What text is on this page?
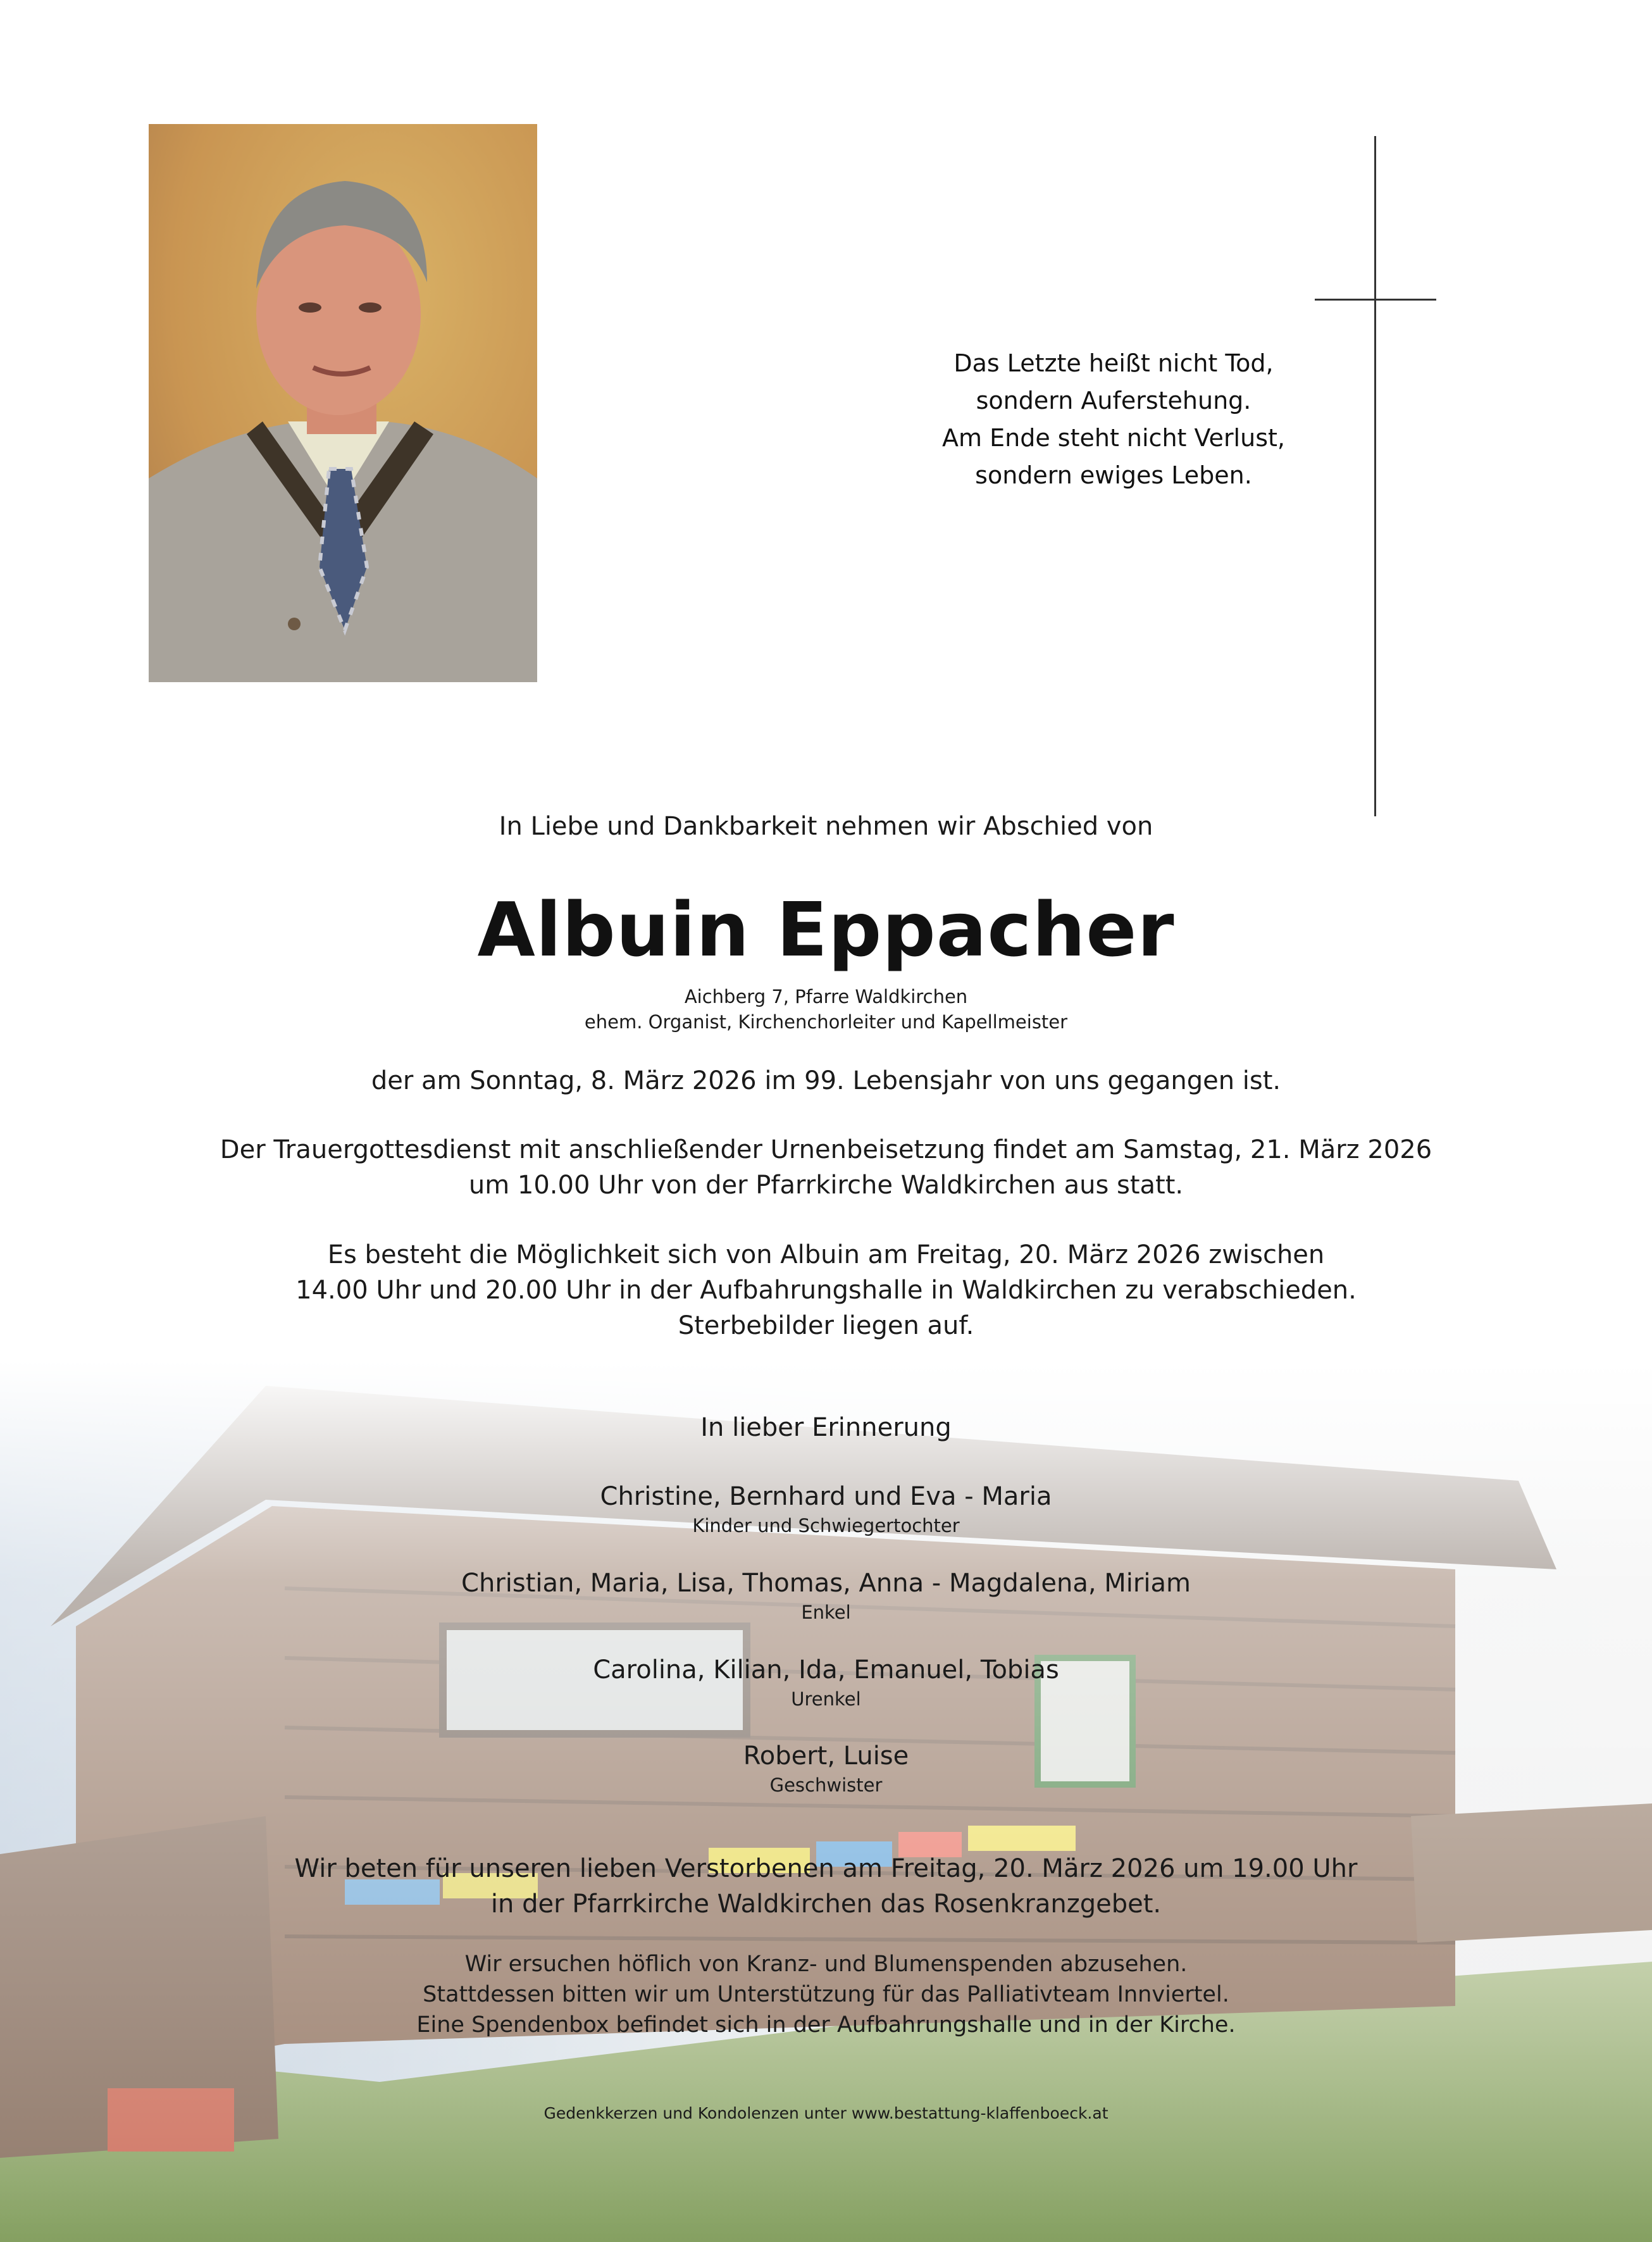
Das Letzte heißt nicht Tod,
sondern Auferstehung.
Am Ende steht nicht Verlust,
sondern ewiges Leben.

In Liebe und Dankbarkeit nehmen wir Abschied von

Albuin Eppacher

Aichberg 7, Pfarre Waldkirchen
ehem. Organist, Kirchenchorleiter und Kapellmeister

der am Sonntag, 8. März 2026 im 99. Lebensjahr von uns gegangen ist.

Der Trauergottesdienst mit anschließender Urnenbeisetzung findet am Samstag, 21. März 2026
um 10.00 Uhr von der Pfarrkirche Waldkirchen aus statt.
Es besteht die Möglichkeit sich von Albuin am Freitag, 20. März 2026 zwischen
14.00 Uhr und 20.00 Uhr in der Aufbahrungshalle in Waldkirchen zu verabschieden.
Sterbebilder liegen auf.

In lieber Erinnerung

Christine, Bernhard und Eva - Maria
Kinder und Schwiegertochter
Christian, Maria, Lisa, Thomas, Anna - Magdalena, Miriam
Enkel
Carolina, Kilian, Ida, Emanuel, Tobias
Urenkel
Robert, Luise
Geschwister
Wir beten für unseren lieben Verstorbenen am Freitag, 20. März 2026 um 19.00 Uhr
in der Pfarrkirche Waldkirchen das Rosenkranzgebet.
Wir ersuchen höflich von Kranz- und Blumenspenden abzusehen.
Stattdessen bitten wir um Unterstützung für das Palliativteam Innviertel.
Eine Spendenbox befindet sich in der Aufbahrungshalle und in der Kirche.

Gedenkkerzen und Kondolenzen unter www.bestattung-klaffenboeck.at
